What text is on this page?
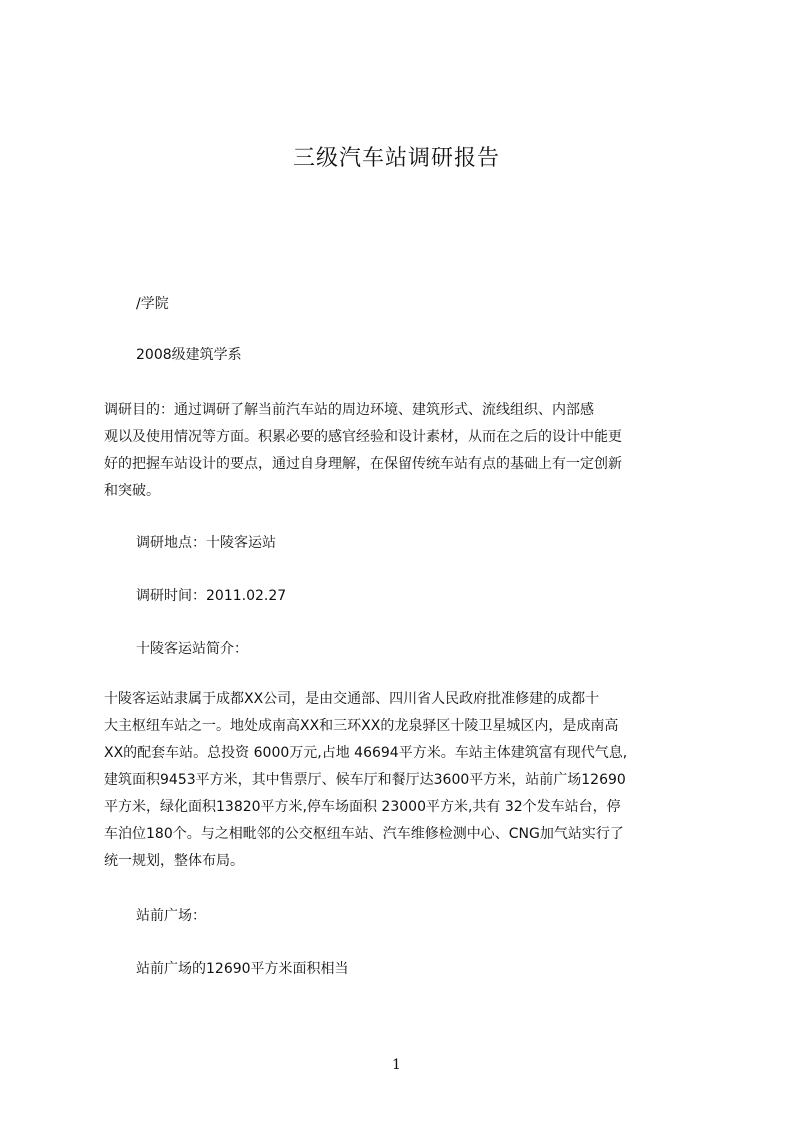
三级汽车站调研报告

/学院

2008级建筑学系

调研目的：通过调研了解当前汽车站的周边环境、建筑形式、流线组织、内部感
观以及使用情况等方面。积累必要的感官经验和设计素材，从而在之后的设计中能更
好的把握车站设计的要点，通过自身理解，在保留传统车站有点的基础上有一定创新
和突破。

调研地点：十陵客运站

调研时间：2011.02.27

十陵客运站简介：

十陵客运站隶属于成都XX公司，是由交通部、四川省人民政府批准修建的成都十
大主枢纽车站之一。地处成南高XX和三环XX的龙泉驿区十陵卫星城区内，是成南高
XX的配套车站。总投资 6000万元,占地 46694平方米。车站主体建筑富有现代气息,
建筑面积9453平方米，其中售票厅、候车厅和餐厅达3600平方米，站前广场12690
平方米，绿化面积13820平方米,停车场面积 23000平方米,共有 32个发车站台，停
车泊位180个。与之相毗邻的公交枢纽车站、汽车维修检测中心、CNG加气站实行了
统一规划，整体布局。

站前广场：

站前广场的12690平方米面积相当

1
